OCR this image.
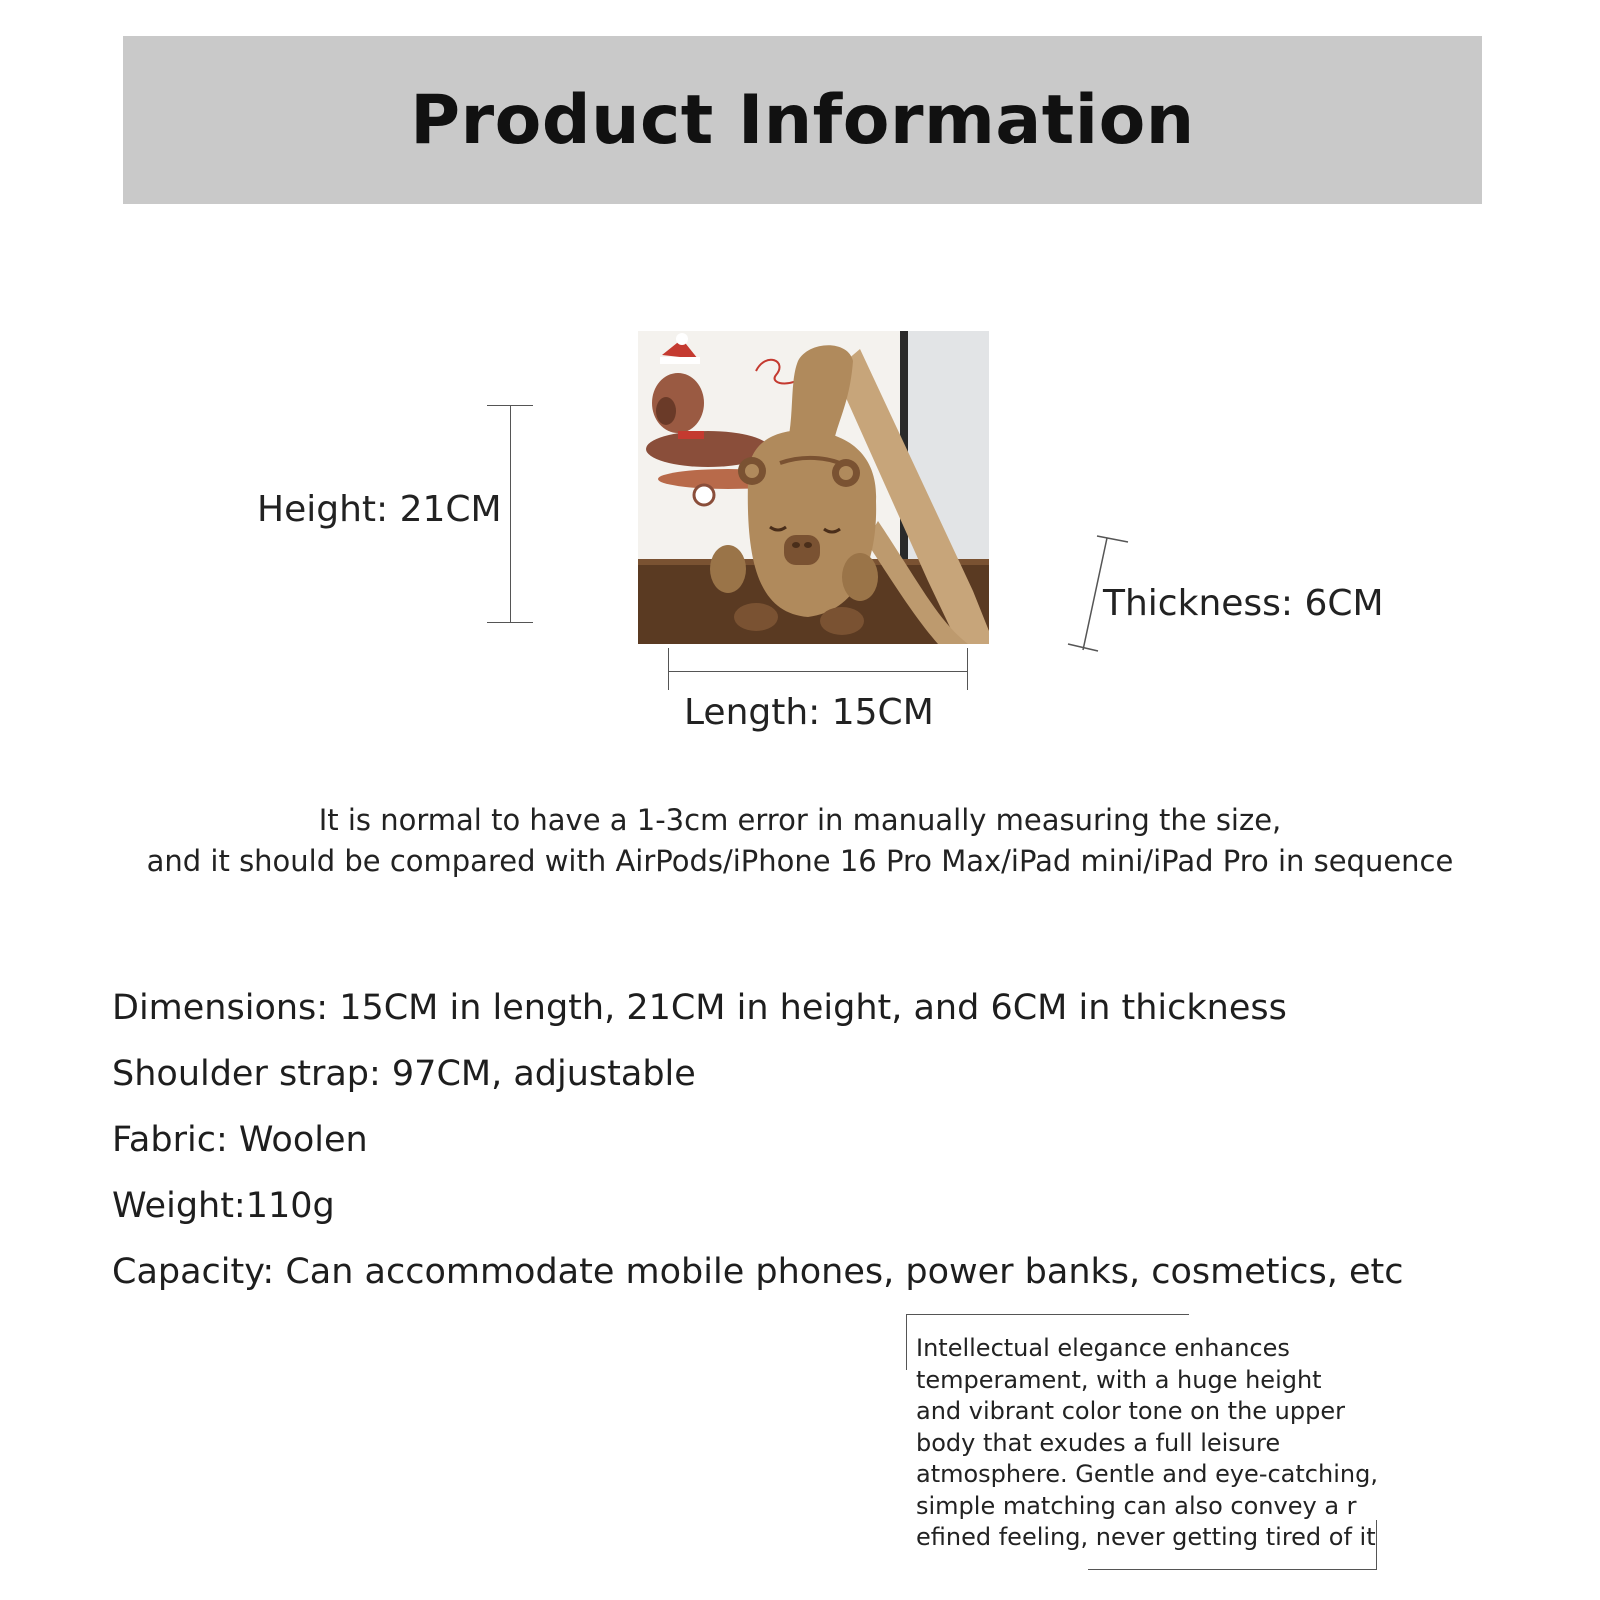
Product Information
Height: 21CM
Length: 15CM
Thickness: 6CM
It is normal to have a 1-3cm error in manually measuring the size,
and it should be compared with AirPods/iPhone 16 Pro Max/iPad mini/iPad Pro in sequence
Dimensions: 15CM in length, 21CM in height, and 6CM in thickness
Shoulder strap: 97CM, adjustable
Fabric: Woolen
Weight:110g
Capacity: Can accommodate mobile phones, power banks, cosmetics, etc

Intellectual elegance enhances

temperament, with a huge height

and vibrant color tone on the upper

body that exudes a full leisure

atmosphere. Gentle and eye-catching,

simple matching can also convey a r

efined feeling, never getting tired of it
